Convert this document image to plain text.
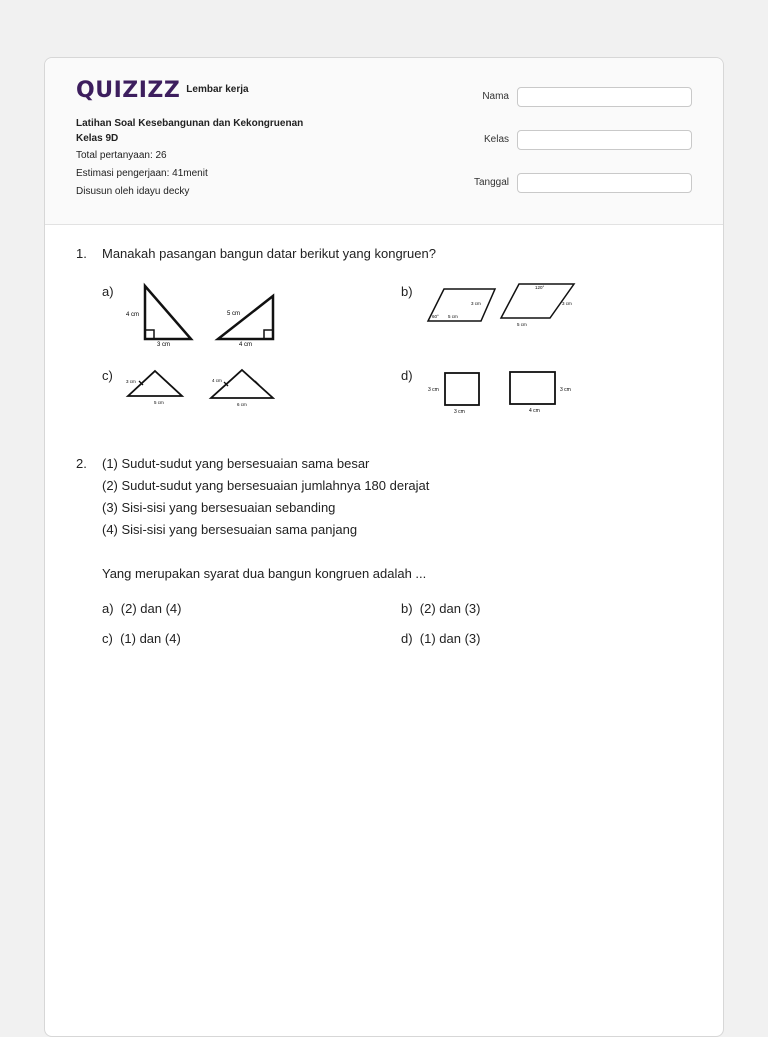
QUIZIZZ Lembar kerja
Latihan Soal Kesebangunan dan Kekongruenan
Kelas 9D
Total pertanyaan: 26
Estimasi pengerjaan: 41menit
Disusun oleh idayu decky
Nama
Kelas
Tanggal
1. Manakah pasangan bangun datar berikut yang kongruen?
a)	b)
c)	d)
4 cm
3 cm
5 cm
4 cm
60°
3 cm
5 cm
120°
3 cm
5 cm
3 cm
5 cm
4 cm
6 cm
3 cm
3 cm
3 cm
4 cm
2. (1) Sudut-sudut yang bersesuaian sama besar
(2) Sudut-sudut yang bersesuaian jumlahnya 180 derajat
(3) Sisi-sisi yang bersesuaian sebanding
(4) Sisi-sisi yang bersesuaian sama panjang
Yang merupakan syarat dua bangun kongruen adalah ...
a) (2) dan (4)	b) (2) dan (3)
c) (1) dan (4)	d) (1) dan (3)
